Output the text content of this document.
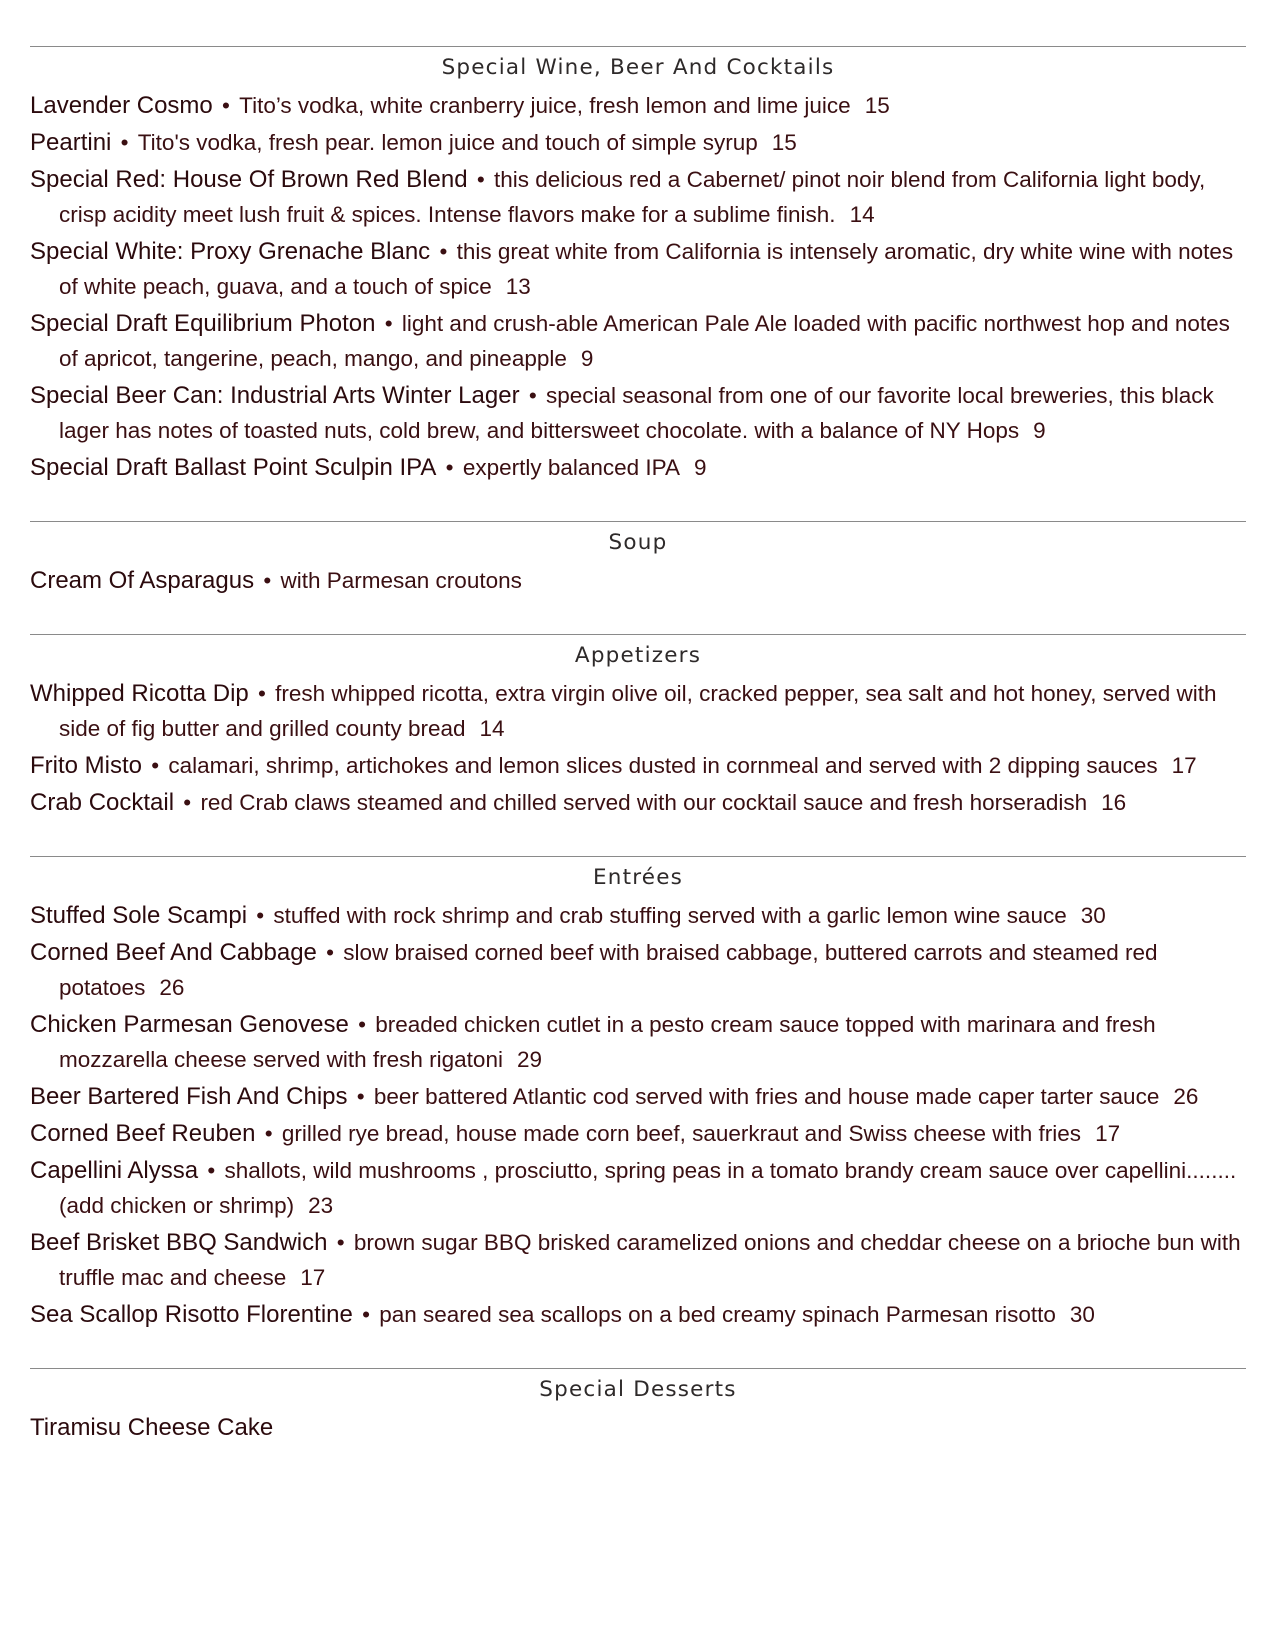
Special Wine, Beer And Cocktails
Lavender Cosmo • Tito’s vodka, white cranberry juice, fresh lemon and lime juice 15
Peartini • Tito's vodka, fresh pear. lemon juice and touch of simple syrup 15
Special Red: House Of Brown Red Blend • this delicious red a Cabernet/ pinot noir blend from California light body, crisp acidity meet lush fruit & spices. Intense flavors make for a sublime finish. 14
Special White: Proxy Grenache Blanc • this great white from California is intensely aromatic, dry white wine with notes of white peach, guava, and a touch of spice 13
Special Draft Equilibrium Photon • light and crush-able American Pale Ale loaded with pacific northwest hop and notes of apricot, tangerine, peach, mango, and pineapple 9
Special Beer Can: Industrial Arts Winter Lager • special seasonal from one of our favorite local breweries, this black lager has notes of toasted nuts, cold brew, and bittersweet chocolate. with a balance of NY Hops 9
Special Draft Ballast Point Sculpin IPA • expertly balanced IPA 9
Soup
Cream Of Asparagus • with Parmesan croutons
Appetizers
Whipped Ricotta Dip • fresh whipped ricotta, extra virgin olive oil, cracked pepper, sea salt and hot honey, served with side of fig butter and grilled county bread 14
Frito Misto • calamari, shrimp, artichokes and lemon slices dusted in cornmeal and served with 2 dipping sauces 17
Crab Cocktail • red Crab claws steamed and chilled served with our cocktail sauce and fresh horseradish 16
Entrées
Stuffed Sole Scampi • stuffed with rock shrimp and crab stuffing served with a garlic lemon wine sauce 30
Corned Beef And Cabbage • slow braised corned beef with braised cabbage, buttered carrots and steamed red potatoes 26
Chicken Parmesan Genovese • breaded chicken cutlet in a pesto cream sauce topped with marinara and fresh mozzarella cheese served with fresh rigatoni 29
Beer Bartered Fish And Chips • beer battered Atlantic cod served with fries and house made caper tarter sauce 26
Corned Beef Reuben • grilled rye bread, house made corn beef, sauerkraut and Swiss cheese with fries 17
Capellini Alyssa • shallots, wild mushrooms , prosciutto, spring peas in a tomato brandy cream sauce over capellini........ (add chicken or shrimp) 23
Beef Brisket BBQ Sandwich • brown sugar BBQ brisked caramelized onions and cheddar cheese on a brioche bun with truffle mac and cheese 17
Sea Scallop Risotto Florentine • pan seared sea scallops on a bed creamy spinach Parmesan risotto 30
Special Desserts
Tiramisu Cheese Cake
